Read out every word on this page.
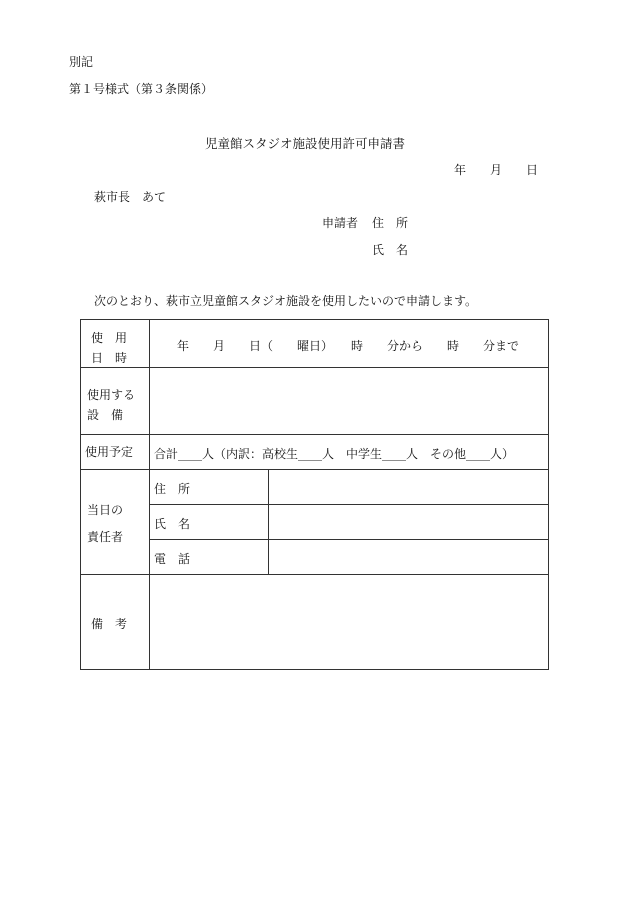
別記
第１号様式（第３条関係）
児童館スタジオ施設使用許可申請書
年 月 日
萩市長　あて
申請者 住　所
氏　名
次のとおり、萩市立児童館スタジオ施設を使用したいので申請します。
使　用
日　時
年　　月　　日（　　曜日）　　時　　分から　　時　　分まで
使用する
設　備
使用予定 合計____人（内訳：高校生____人　中学生____人　その他____人）
当日の
責任者
住　所
氏　名
電　話
備　考
